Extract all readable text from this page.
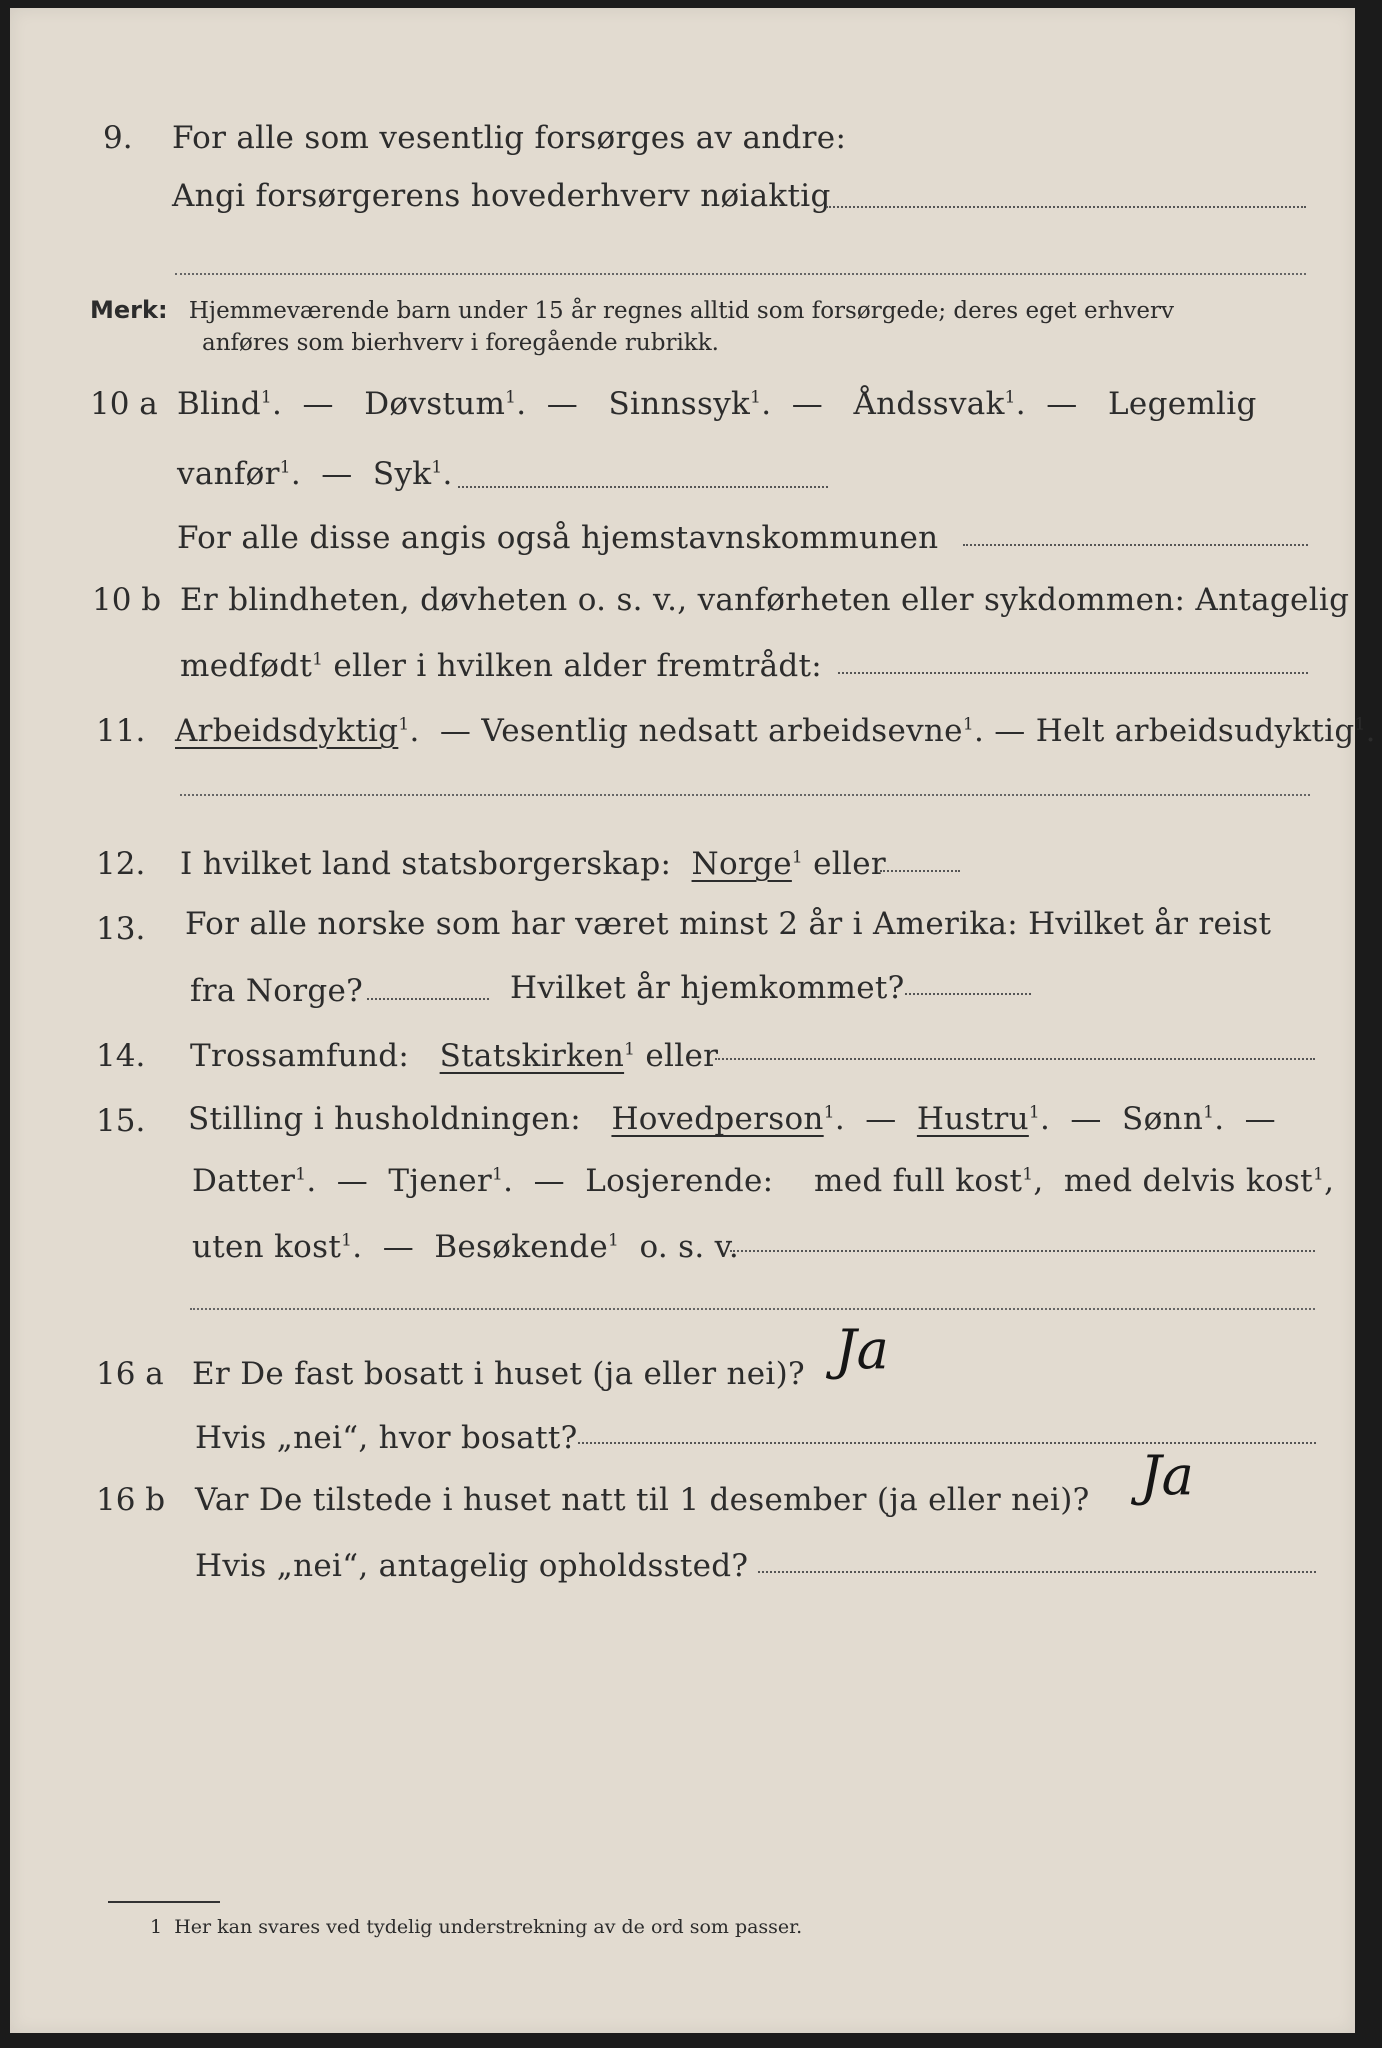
9. For alle som vesentlig forsørges av andre:
Angi forsørgerens hovederhverv nøiaktig
Merk: Hjemmeværende barn under 15 år regnes alltid som forsørgede; deres eget erhverv
anføres som bierhverv i foregående rubrikk.
10 a Blind$^1$.  —   Døvstum$^1$.  —   Sinnssyk$^1$.  —   Åndssvak$^1$.  —   Legemlig
vanfør$^1$.  —  Syk$^1$.
For alle disse angis også hjemstavnskommunen
10 b Er blindheten, døvheten o. s. v., vanførheten eller sykdommen: Antagelig
medfødt$^1$ eller i hvilken alder fremtrådt:
11. Arbeidsdyktig$^1$.  — Vesentlig nedsatt arbeidsevne$^1$. — Helt arbeidsudyktig$^1$.
12. I hvilket land statsborgerskap: Norge$^1$ eller
13. For alle norske som har været minst 2 år i Amerika: Hvilket år reist
fra Norge?	Hvilket år hjemkommet?
14. Trossamfund: Statskirken$^1$ eller
15. Stilling i husholdningen: Hovedperson$^1$.  —  Hustru$^1$.  —  Sønn$^1$.  —
Datter$^1$.  —  Tjener$^1$.  —  Losjerende: med full kost$^1$,  med delvis kost$^1$,
uten kost$^1$.  —  Besøkende$^1$ o. s. v.
16 a Er De fast bosatt i huset (ja eller nei)? Ja
Hvis „nei“, hvor bosatt?
16 b Var De tilstede i huset natt til 1 desember (ja eller nei)? Ja
Hvis „nei“, antagelig opholdssted?
1 Her kan svares ved tydelig understrekning av de ord som passer.
